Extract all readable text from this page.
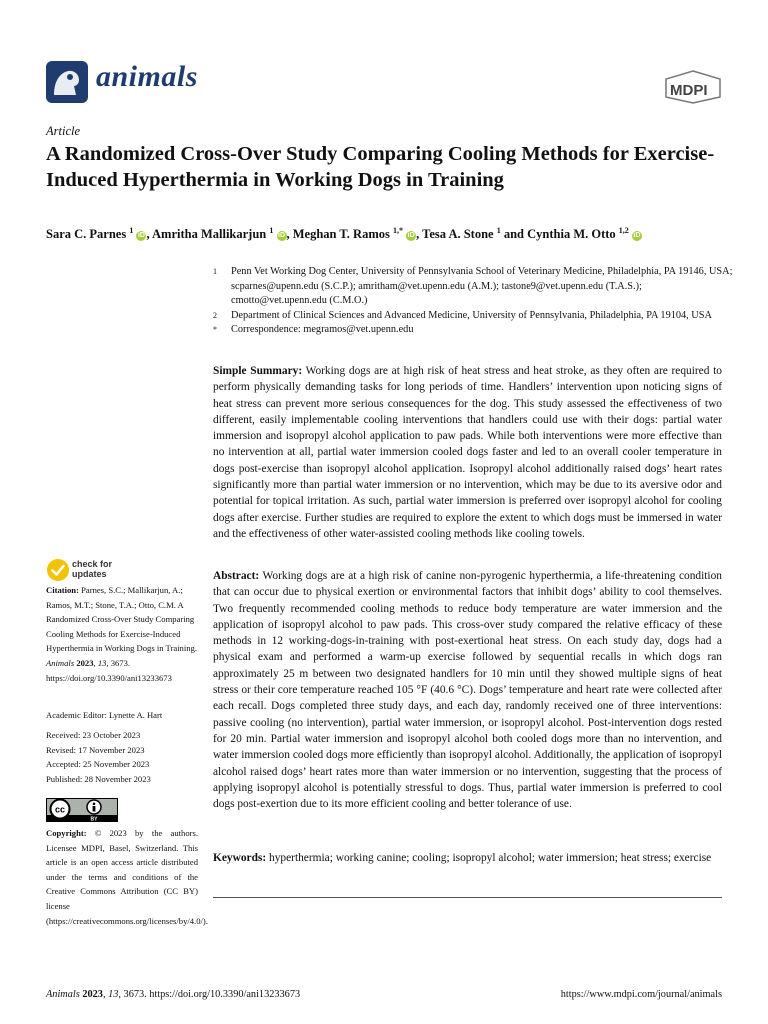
animals	MDPI
Article
A Randomized Cross-Over Study Comparing Cooling Methods for Exercise-Induced Hyperthermia in Working Dogs in Training
Sara C. Parnes $^1$ iD , Amritha Mallikarjun $^1$ iD , Meghan T. Ramos $^{1,*}$ iD , Tesa A. Stone $^1$ and Cynthia M. Otto $^{1,2}$ iD
1	Penn Vet Working Dog Center, University of Pennsylvania School of Veterinary Medicine, Philadelphia, PA 19146, USA; scparnes@upenn.edu (S.C.P.); amritham@vet.upenn.edu (A.M.); tastone9@vet.upenn.edu (T.A.S.); cmotto@vet.upenn.edu (C.M.O.)
2	Department of Clinical Sciences and Advanced Medicine, University of Pennsylvania, Philadelphia, PA 19104, USA
*	Correspondence: megramos@vet.upenn.edu
Simple Summary: Working dogs are at high risk of heat stress and heat stroke, as they often are required to perform physically demanding tasks for long periods of time. Handlers’ intervention upon noticing signs of heat stress can prevent more serious consequences for the dog. This study assessed the effectiveness of two different, easily implementable cooling interventions that handlers could use with their dogs: partial water immersion and isopropyl alcohol application to paw pads. While both interventions were more effective than no intervention at all, partial water immersion cooled dogs faster and led to an overall cooler temperature in dogs post-exercise than isopropyl alcohol application. Isopropyl alcohol additionally raised dogs’ heart rates significantly more than partial water immersion or no intervention, which may be due to its aversive odor and potential for topical irritation. As such, partial water immersion is preferred over isopropyl alcohol for cooling dogs after exercise. Further studies are required to explore the extent to which dogs must be immersed in water and the effectiveness of other water-assisted cooling methods like cooling towels.
Abstract: Working dogs are at a high risk of canine non-pyrogenic hyperthermia, a life-threatening condition that can occur due to physical exertion or environmental factors that inhibit dogs’ ability to cool themselves. Two frequently recommended cooling methods to reduce body temperature are water immersion and the application of isopropyl alcohol to paw pads. This cross-over study compared the relative efficacy of these methods in 12 working-dogs-in-training with post-exertional heat stress. On each study day, dogs had a physical exam and performed a warm-up exercise followed by sequential recalls in which dogs ran approximately 25 m between two designated handlers for 10 min until they showed multiple signs of heat stress or their core temperature reached 105 °F (40.6 °C). Dogs’ temperature and heart rate were collected after each recall. Dogs completed three study days, and each day, randomly received one of three interventions: passive cooling (no intervention), partial water immersion, or isopropyl alcohol. Post-intervention dogs rested for 20 min. Partial water immersion and isopropyl alcohol both cooled dogs more than no intervention, and water immersion cooled dogs more efficiently than isopropyl alcohol. Additionally, the application of isopropyl alcohol raised dogs’ heart rates more than water immersion or no intervention, suggesting that the process of applying isopropyl alcohol is potentially stressful to dogs. Thus, partial water immersion is preferred to cool dogs post-exertion due to its more efficient cooling and better tolerance of use.
Keywords: hyperthermia; working canine; cooling; isopropyl alcohol; water immersion; heat stress; exercise
check for
updates
Citation: Parnes, S.C.; Mallikarjun, A.; Ramos, M.T.; Stone, T.A.; Otto, C.M. A Randomized Cross-Over Study Comparing Cooling Methods for Exercise-Induced Hyperthermia in Working Dogs in Training. Animals 2023, 13, 3673. https://doi.org/10.3390/ani13233673
Academic Editor: Lynette A. Hart
Received: 23 October 2023
Revised: 17 November 2023
Accepted: 25 November 2023
Published: 28 November 2023
cc
BY
Copyright: © 2023 by the authors. Licensee MDPI, Basel, Switzerland. This article is an open access article distributed under the terms and conditions of the Creative Commons Attribution (CC BY) license (https://creativecommons.org/licenses/by/4.0/).
Animals 2023, 13, 3673. https://doi.org/10.3390/ani13233673	https://www.mdpi.com/journal/animals
